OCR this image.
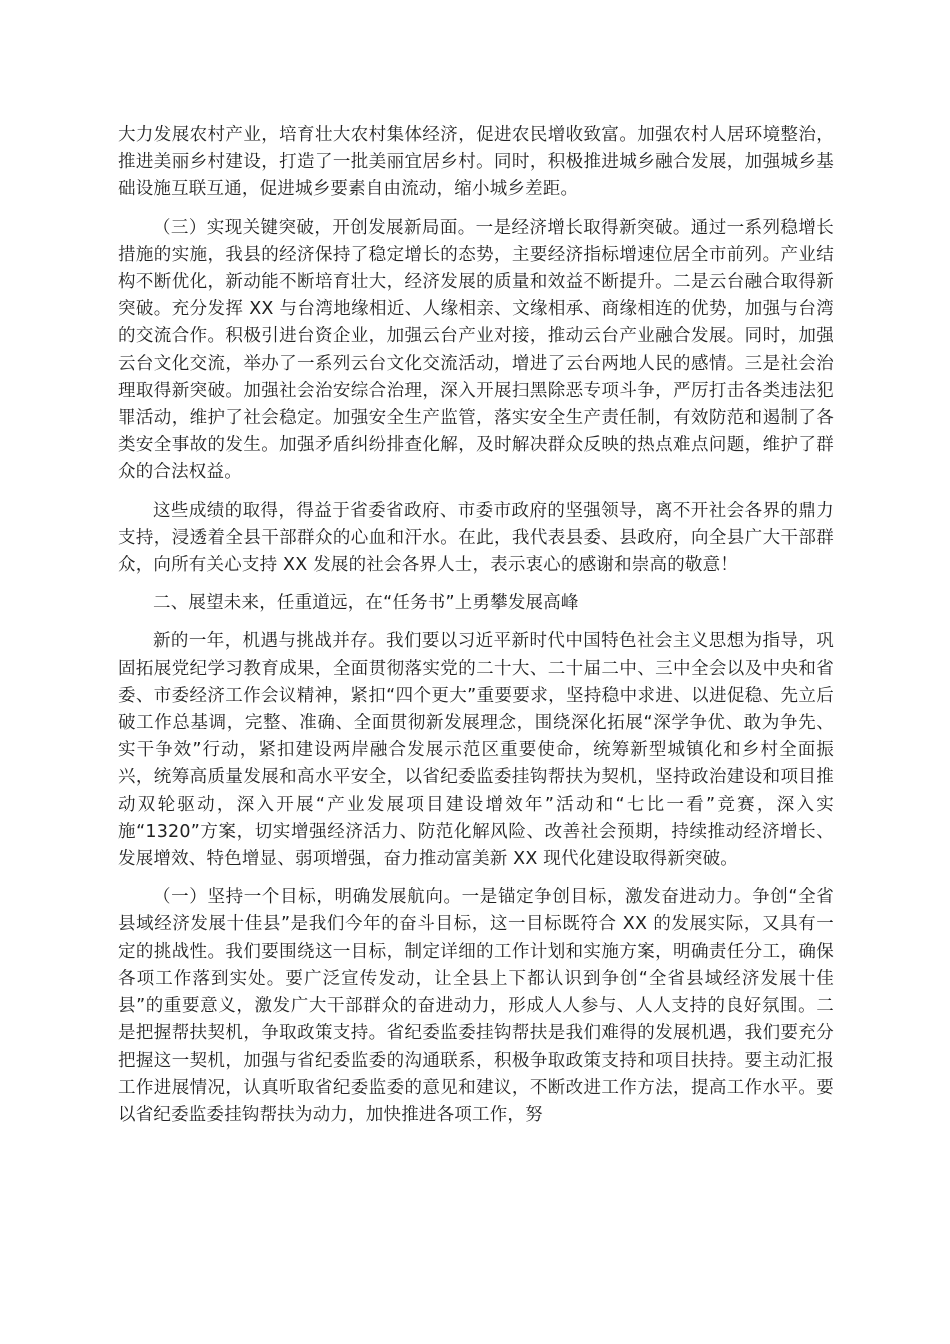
大力发展农村产业，培育壮大农村集体经济，促进农民增收致富。加强农村人居环境整治，推进美丽乡村建设，打造了一批美丽宜居乡村。同时，积极推进城乡融合发展，加强城乡基础设施互联互通，促进城乡要素自由流动，缩小城乡差距。

（三）实现关键突破，开创发展新局面。一是经济增长取得新突破。通过一系列稳增长措施的实施，我县的经济保持了稳定增长的态势，主要经济指标增速位居全市前列。产业结构不断优化，新动能不断培育壮大，经济发展的质量和效益不断提升。二是云台融合取得新突破。充分发挥 XX 与台湾地缘相近、人缘相亲、文缘相承、商缘相连的优势，加强与台湾的交流合作。积极引进台资企业，加强云台产业对接，推动云台产业融合发展。同时，加强云台文化交流，举办了一系列云台文化交流活动，增进了云台两地人民的感情。三是社会治理取得新突破。加强社会治安综合治理，深入开展扫黑除恶专项斗争，严厉打击各类违法犯罪活动，维护了社会稳定。加强安全生产监管，落实安全生产责任制，有效防范和遏制了各类安全事故的发生。加强矛盾纠纷排查化解，及时解决群众反映的热点难点问题，维护了群众的合法权益。

这些成绩的取得，得益于省委省政府、市委市政府的坚强领导，离不开社会各界的鼎力支持，浸透着全县干部群众的心血和汗水。在此，我代表县委、县政府，向全县广大干部群众，向所有关心支持 XX 发展的社会各界人士，表示衷心的感谢和崇高的敬意！

二、展望未来，任重道远，在“任务书”上勇攀发展高峰

新的一年，机遇与挑战并存。我们要以习近平新时代中国特色社会主义思想为指导，巩固拓展党纪学习教育成果，全面贯彻落实党的二十大、二十届二中、三中全会以及中央和省委、市委经济工作会议精神，紧扣“四个更大”重要要求，坚持稳中求进、以进促稳、先立后破工作总基调，完整、准确、全面贯彻新发展理念，围绕深化拓展“深学争优、敢为争先、实干争效”行动，紧扣建设两岸融合发展示范区重要使命，统筹新型城镇化和乡村全面振兴，统筹高质量发展和高水平安全，以省纪委监委挂钩帮扶为契机，坚持政治建设和项目推动双轮驱动，深入开展“产业发展项目建设增效年”活动和“七比一看”竞赛，深入实施“1320”方案，切实增强经济活力、防范化解风险、改善社会预期，持续推动经济增长、发展增效、特色增显、弱项增强，奋力推动富美新 XX 现代化建设取得新突破。

（一）坚持一个目标，明确发展航向。一是锚定争创目标，激发奋进动力。争创“全省县域经济发展十佳县”是我们今年的奋斗目标，这一目标既符合 XX 的发展实际，又具有一定的挑战性。我们要围绕这一目标，制定详细的工作计划和实施方案，明确责任分工，确保各项工作落到实处。要广泛宣传发动，让全县上下都认识到争创“全省县域经济发展十佳县”的重要意义，激发广大干部群众的奋进动力，形成人人参与、人人支持的良好氛围。二是把握帮扶契机，争取政策支持。省纪委监委挂钩帮扶是我们难得的发展机遇，我们要充分把握这一契机，加强与省纪委监委的沟通联系，积极争取政策支持和项目扶持。要主动汇报工作进展情况，认真听取省纪委监委的意见和建议，不断改进工作方法，提高工作水平。要以省纪委监委挂钩帮扶为动力，加快推进各项工作，努
